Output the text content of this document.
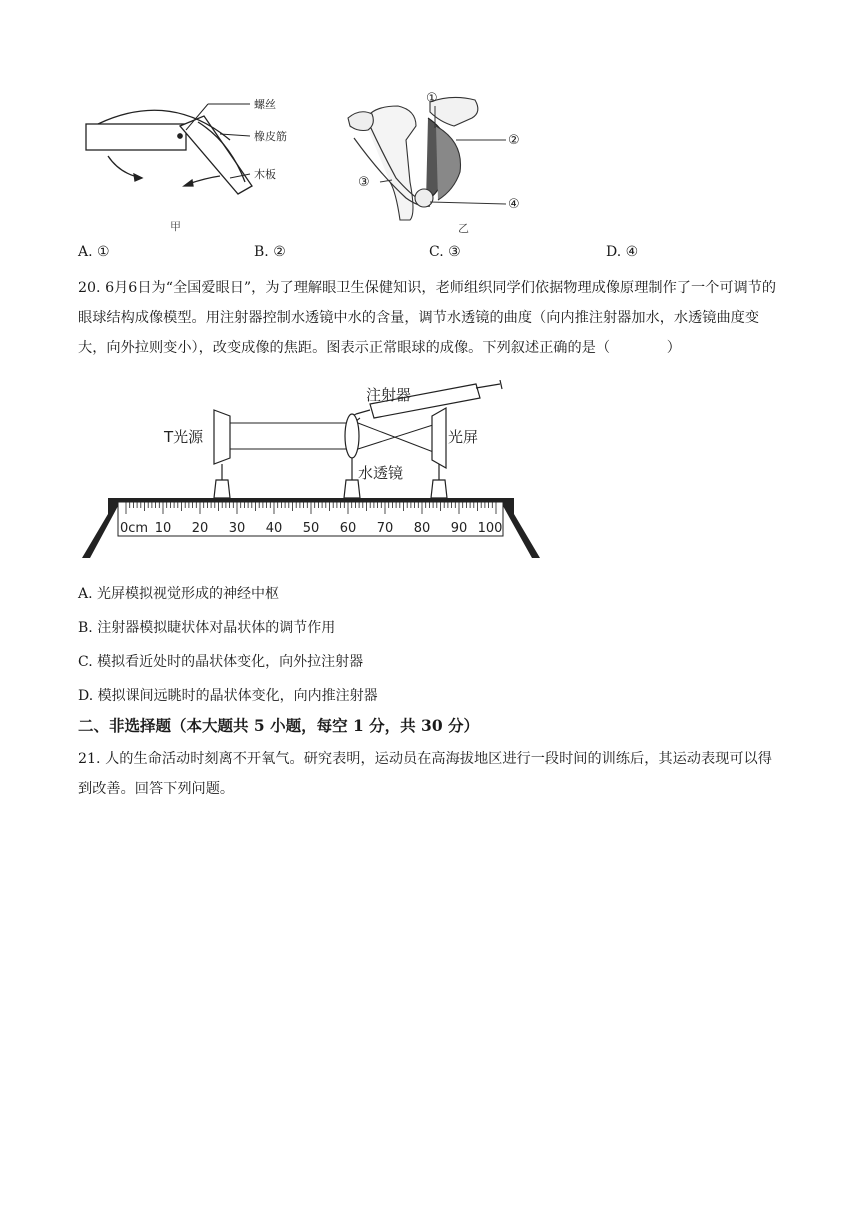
螺丝
橡皮筋
木板
甲
①
②
③
④
乙
A. ①	B. ②	C. ③	D. ④
20. 6月6日为“全国爱眼日”，为了理解眼卫生保健知识，老师组织同学们依据物理成像原理制作了一个可调节的眼球结构成像模型。用注射器控制水透镜中水的含量，调节水透镜的曲度（向内推注射器加水，水透镜曲度变大，向外拉则变小），改变成像的焦距。图表示正常眼球的成像。下列叙述正确的是（　　　　）
注射器
T光源
水透镜
光屏
0cm 10 20 30 40 50 60 70 80 90 100
A. 光屏模拟视觉形成的神经中枢
B. 注射器模拟睫状体对晶状体的调节作用
C. 模拟看近处时的晶状体变化，向外拉注射器
D. 模拟课间远眺时的晶状体变化，向内推注射器
二、非选择题（本大题共 5 小题，每空 1 分，共 30 分）
21. 人的生命活动时刻离不开氧气。研究表明，运动员在高海拔地区进行一段时间的训练后，其运动表现可以得到改善。回答下列问题。
